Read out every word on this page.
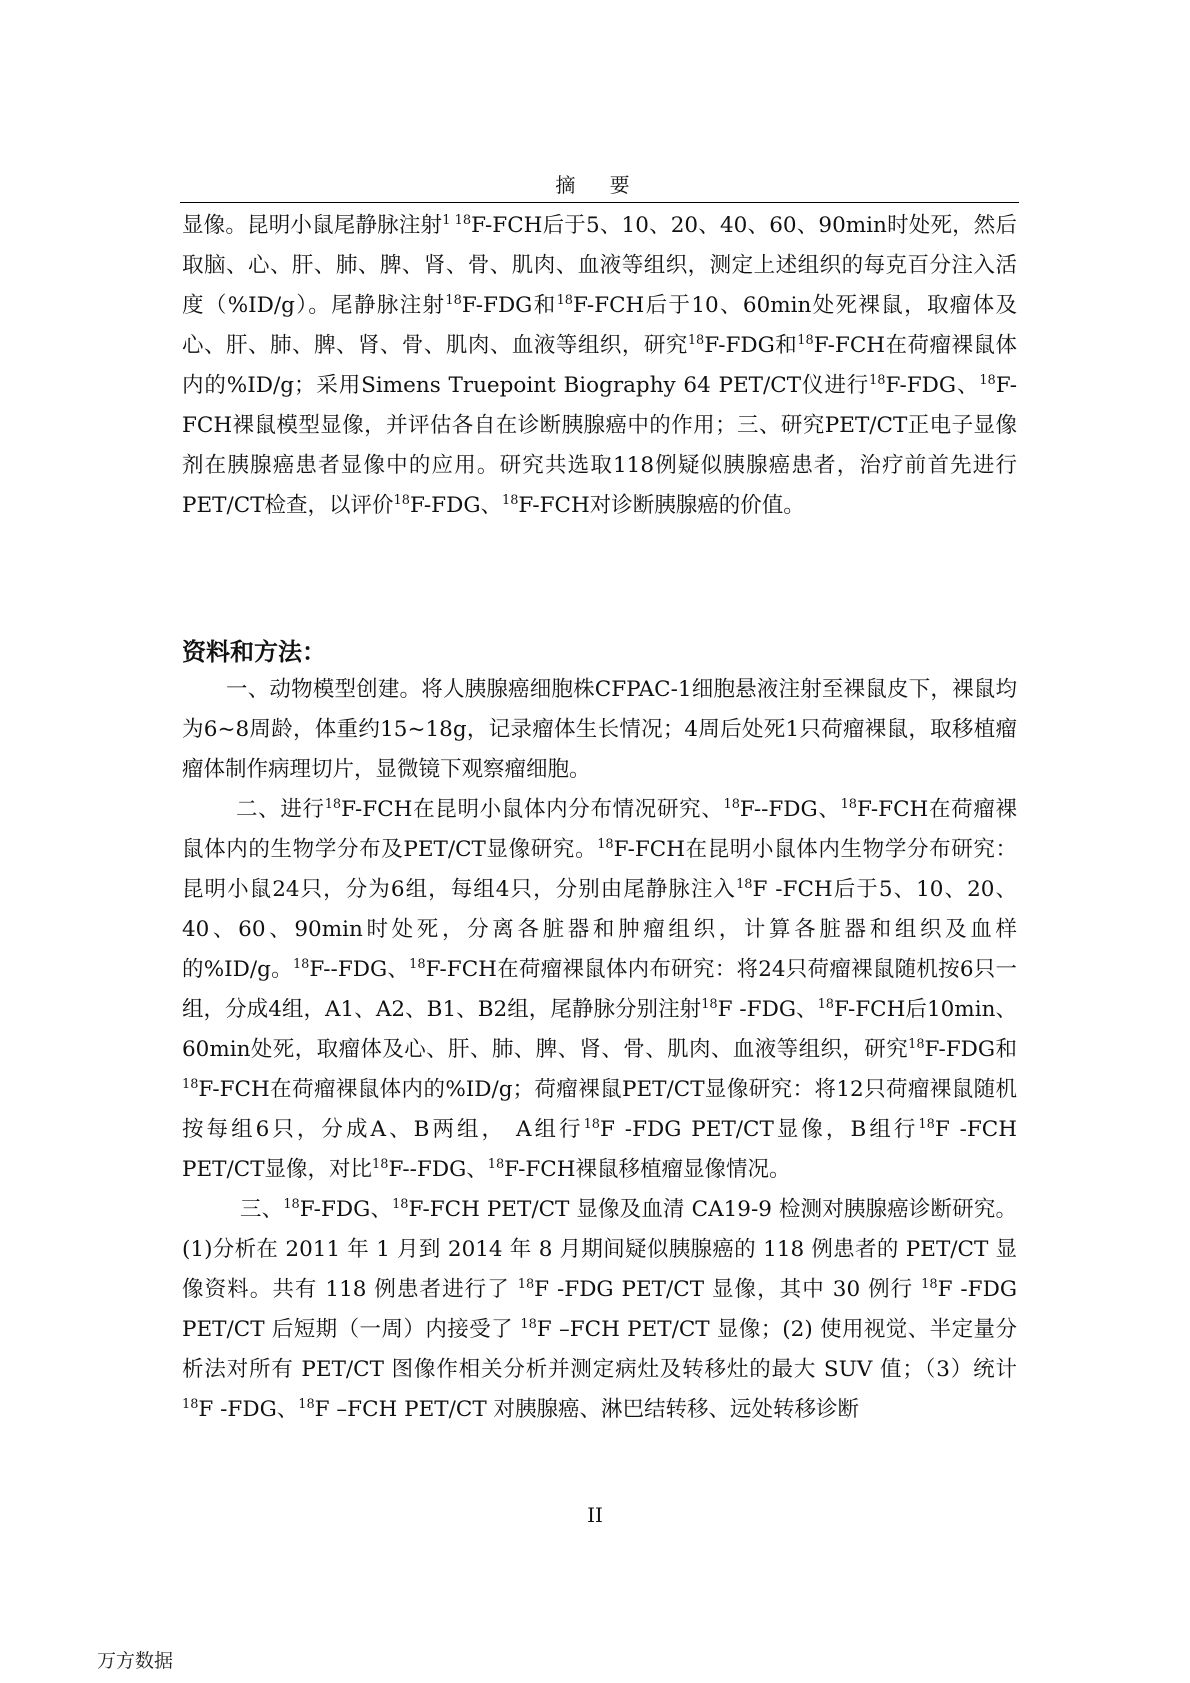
摘 要

显像。昆明小鼠尾静脉注射$^{1 18}$F-FCH后于5、10、20、40、60、90min时处死，然后取脑、心、肝、肺、脾、肾、骨、肌肉、血液等组织，测定上述组织的每克百分注入活度（%ID/g）。尾静脉注射$^{18}$F-FDG和$^{18}$F-FCH后于10、60min处死裸鼠，取瘤体及心、肝、肺、脾、肾、骨、肌肉、血液等组织，研究$^{18}$F-FDG和$^{18}$F-FCH在荷瘤裸鼠体内的%ID/g；采用Simens Truepoint Biography 64 PET/CT仪进行$^{18}$F-FDG、$^{18}$F-FCH裸鼠模型显像，并评估各自在诊断胰腺癌中的作用；三、研究PET/CT正电子显像剂在胰腺癌患者显像中的应用。研究共选取118例疑似胰腺癌患者，治疗前首先进行PET/CT检查，以评价$^{18}$F-FDG、$^{18}$F-FCH对诊断胰腺癌的价值。

资料和方法：

一、动物模型创建。将人胰腺癌细胞株CFPAC-1细胞悬液注射至裸鼠皮下，裸鼠均为6~8周龄，体重约15~18g，记录瘤体生长情况；4周后处死1只荷瘤裸鼠，取移植瘤瘤体制作病理切片，显微镜下观察瘤细胞。

二、进行$^{18}$F-FCH在昆明小鼠体内分布情况研究、$^{18}$F--FDG、$^{18}$F-FCH在荷瘤裸鼠体内的生物学分布及PET/CT显像研究。$^{18}$F-FCH在昆明小鼠体内生物学分布研究：昆明小鼠24只，分为6组，每组4只，分别由尾静脉注入$^{18}$F -FCH后于5、10、20、40、60、90min时处死，分离各脏器和肿瘤组织，计算各脏器和组织及血样的%ID/g。$^{18}$F--FDG、$^{18}$F-FCH在荷瘤裸鼠体内布研究：将24只荷瘤裸鼠随机按6只一组，分成4组，A1、A2、B1、B2组，尾静脉分别注射$^{18}$F -FDG、$^{18}$F-FCH后10min、60min处死，取瘤体及心、肝、肺、脾、肾、骨、肌肉、血液等组织，研究$^{18}$F-FDG和$^{18}$F-FCH在荷瘤裸鼠体内的%ID/g；荷瘤裸鼠PET/CT显像研究：将12只荷瘤裸鼠随机按每组6只，分成A、B两组， A组行$^{18}$F -FDG PET/CT显像，B组行$^{18}$F -FCH PET/CT显像，对比$^{18}$F--FDG、$^{18}$F-FCH裸鼠移植瘤显像情况。

三、$^{18}$F-FDG、$^{18}$F-FCH PET/CT 显像及血清 CA19-9 检测对胰腺癌诊断研究。(1)分析在 2011 年 1 月到 2014 年 8 月期间疑似胰腺癌的 118 例患者的 PET/CT 显像资料。共有 118 例患者进行了 $^{18}$F -FDG PET/CT 显像，其中 30 例行 $^{18}$F -FDG PET/CT 后短期（一周）内接受了 $^{18}$F –FCH PET/CT 显像；(2) 使用视觉、半定量分析法对所有 PET/CT 图像作相关分析并测定病灶及转移灶的最大 SUV 值；（3）统计 $^{18}$F -FDG、$^{18}$F –FCH PET/CT 对胰腺癌、淋巴结转移、远处转移诊断

II
万方数据
